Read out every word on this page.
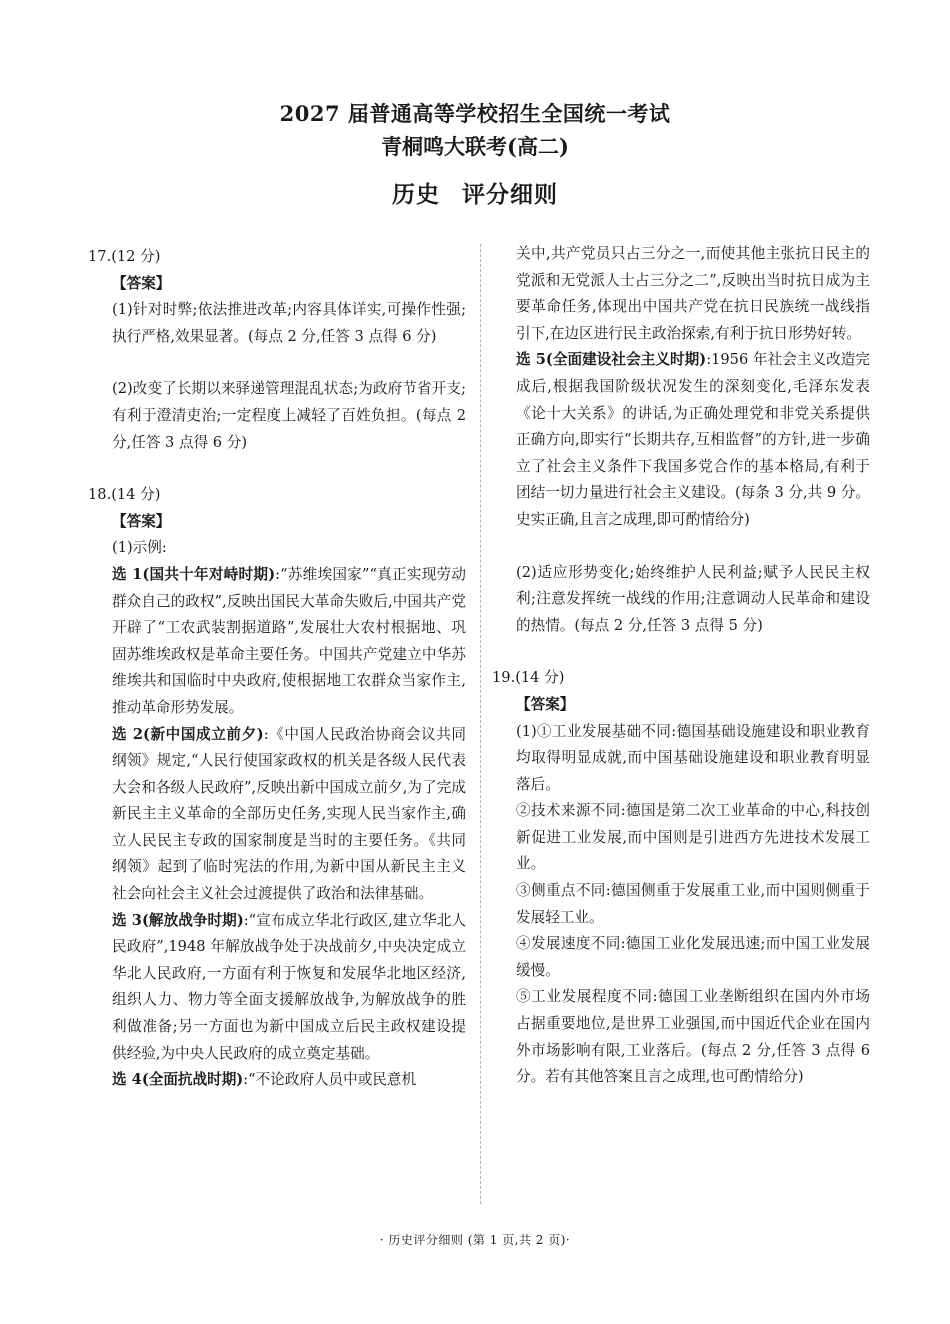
2027 届普通高等学校招生全国统一考试
青桐鸣大联考(高二)
历史 评分细则
17.(12 分)
【答案】
(1)针对时弊;依法推进改革;内容具体详实,可操作性强;执行严格,效果显著。(每点 2 分,任答 3 点得 6 分)
(2)改变了长期以来驿递管理混乱状态;为政府节省开支;有利于澄清吏治;一定程度上减轻了百姓负担。(每点 2 分,任答 3 点得 6 分)
18.(14 分)
【答案】
(1)示例:
选 1(国共十年对峙时期):“苏维埃国家”“真正实现劳动群众自己的政权”,反映出国民大革命失败后,中国共产党开辟了“工农武装割据道路”,发展壮大农村根据地、巩固苏维埃政权是革命主要任务。中国共产党建立中华苏维埃共和国临时中央政府,使根据地工农群众当家作主,推动革命形势发展。
选 2(新中国成立前夕):《中国人民政治协商会议共同纲领》规定,“人民行使国家政权的机关是各级人民代表大会和各级人民政府”,反映出新中国成立前夕,为了完成新民主主义革命的全部历史任务,实现人民当家作主,确立人民民主专政的国家制度是当时的主要任务。《共同纲领》起到了临时宪法的作用,为新中国从新民主主义社会向社会主义社会过渡提供了政治和法律基础。
选 3(解放战争时期):“宣布成立华北行政区,建立华北人民政府”,1948 年解放战争处于决战前夕,中央决定成立华北人民政府,一方面有利于恢复和发展华北地区经济,组织人力、物力等全面支援解放战争,为解放战争的胜利做准备;另一方面也为新中国成立后民主政权建设提供经验,为中央人民政府的成立奠定基础。
选 4(全面抗战时期):“不论政府人员中或民意机
关中,共产党员只占三分之一,而使其他主张抗日民主的党派和无党派人士占三分之二”,反映出当时抗日成为主要革命任务,体现出中国共产党在抗日民族统一战线指引下,在边区进行民主政治探索,有利于抗日形势好转。
选 5(全面建设社会主义时期):1956 年社会主义改造完成后,根据我国阶级状况发生的深刻变化,毛泽东发表《论十大关系》的讲话,为正确处理党和非党关系提供正确方向,即实行“长期共存,互相监督”的方针,进一步确立了社会主义条件下我国多党合作的基本格局,有利于团结一切力量进行社会主义建设。(每条 3 分,共 9 分。史实正确,且言之成理,即可酌情给分)
(2)适应形势变化;始终维护人民利益;赋予人民民主权利;注意发挥统一战线的作用;注意调动人民革命和建设的热情。(每点 2 分,任答 3 点得 5 分)
19.(14 分)
【答案】
(1)①工业发展基础不同:德国基础设施建设和职业教育均取得明显成就,而中国基础设施建设和职业教育明显落后。
②技术来源不同:德国是第二次工业革命的中心,科技创新促进工业发展,而中国则是引进西方先进技术发展工业。
③侧重点不同:德国侧重于发展重工业,而中国则侧重于发展轻工业。
④发展速度不同:德国工业化发展迅速;而中国工业发展缓慢。
⑤工业发展程度不同:德国工业垄断组织在国内外市场占据重要地位,是世界工业强国,而中国近代企业在国内外市场影响有限,工业落后。(每点 2 分,任答 3 点得 6 分。若有其他答案且言之成理,也可酌情给分)
· 历史评分细则 (第 1 页,共 2 页)·
